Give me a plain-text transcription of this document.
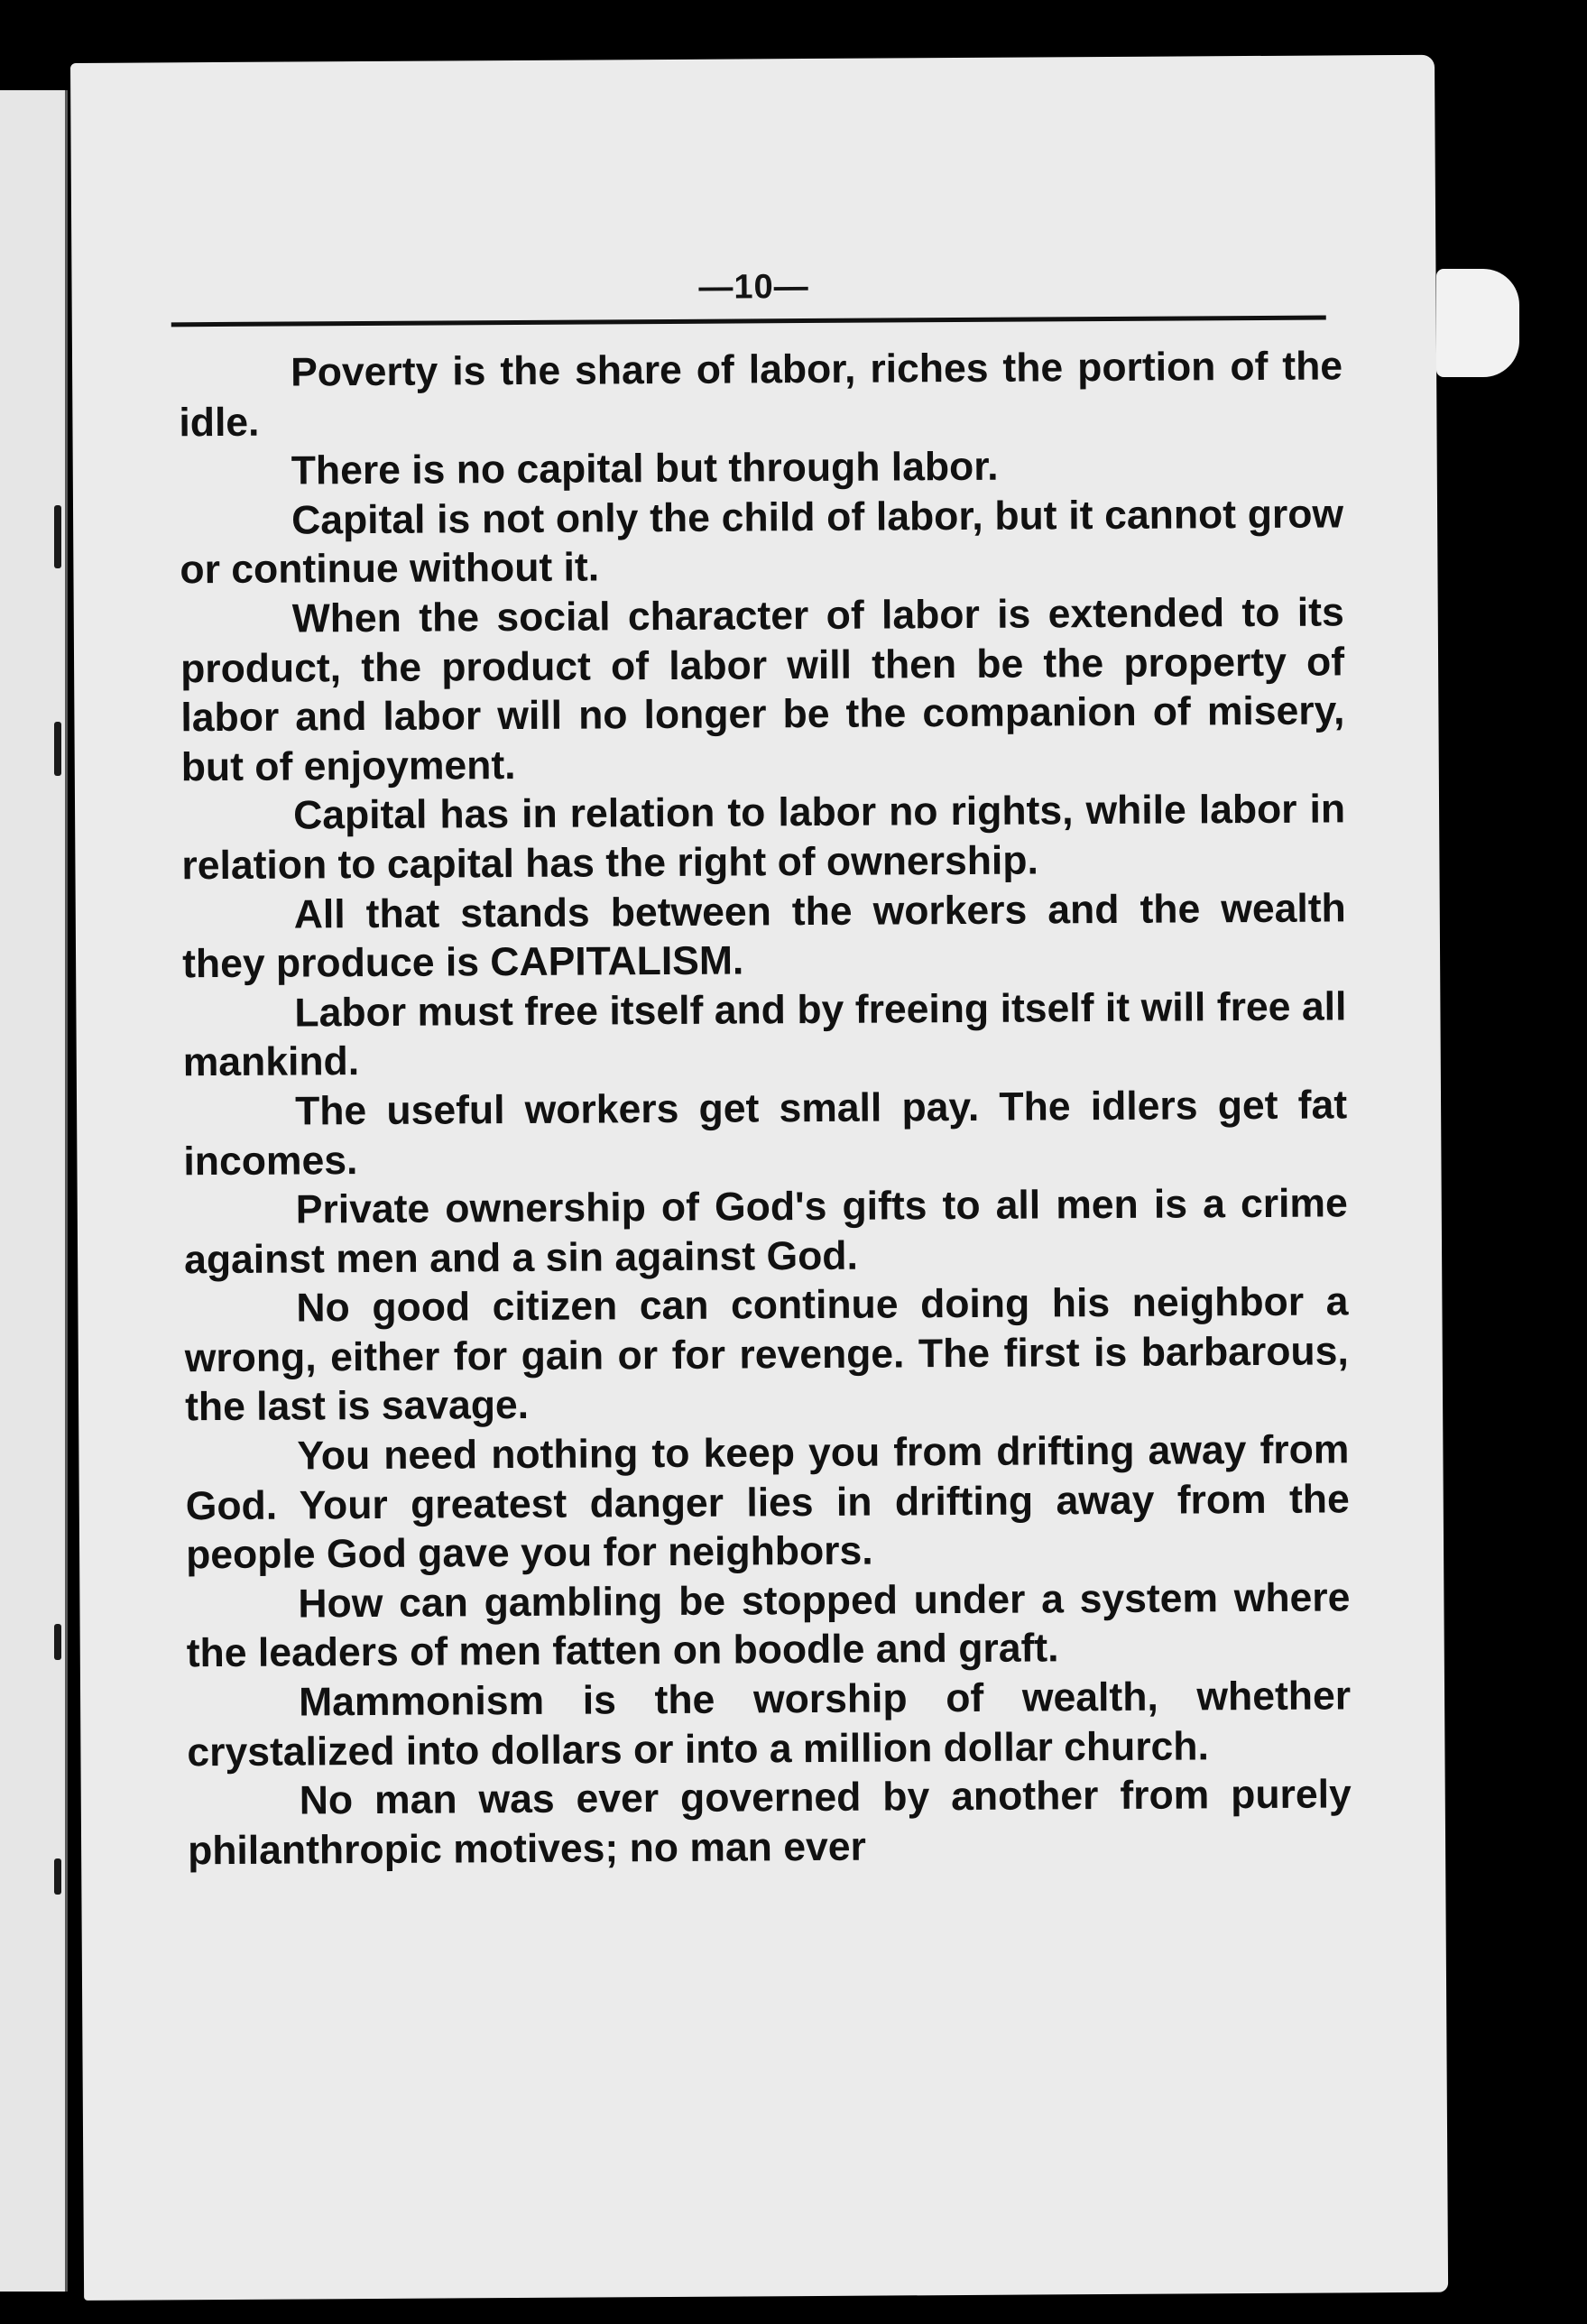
—10—

Poverty is the share of labor, riches the portion of the idle.

There is no capital but through labor.

Capital is not only the child of labor, but it cannot grow or continue without it.

When the social character of labor is extended to its product, the product of labor will then be the property of labor and labor will no longer be the companion of misery, but of enjoyment.

Capital has in relation to labor no rights, while labor in relation to capital has the right of ownership.

All that stands between the workers and the wealth they produce is CAPITALISM.

Labor must free itself and by freeing itself it will free all mankind.

The useful workers get small pay. The idlers get fat incomes.

Private ownership of God's gifts to all men is a crime against men and a sin against God.

No good citizen can continue doing his neighbor a wrong, either for gain or for revenge. The first is barbarous, the last is savage.

You need nothing to keep you from drifting away from God. Your greatest danger lies in drifting away from the people God gave you for neighbors.

How can gambling be stopped under a system where the leaders of men fatten on boodle and graft.

Mammonism is the worship of wealth, whether crystalized into dollars or into a million dollar church.

No man was ever governed by another from purely philanthropic motives; no man ever
